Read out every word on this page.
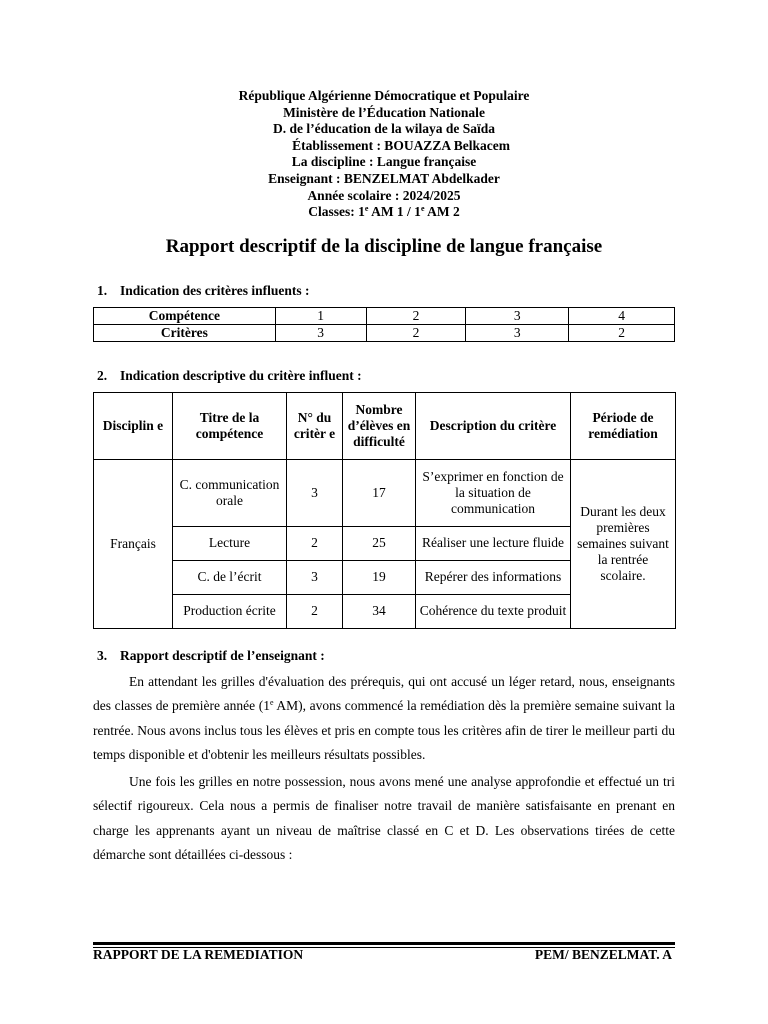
République Algérienne Démocratique et Populaire
Ministère de l’Éducation Nationale
D. de l’éducation de la wilaya de Saïda
Établissement : BOUAZZA Belkacem
La discipline : Langue française
Enseignant : BENZELMAT Abdelkader
Année scolaire : 2024/2025
Classes: 1e AM 1 / 1e AM 2
Rapport descriptif de la discipline de langue française
1. Indication des critères influents :
Compétence	1	2	3	4
Critères	3	2	3	2
2. Indication descriptive du critère influent :
Disciplin e	Titre de la compétence	N° du critèr e	Nombre d’élèves en difficulté	Description du critère	Période de remédiation
Français	C. communication orale	3	17	S’exprimer en fonction de la situation de communication	Durant les deux premières semaines suivant la rentrée scolaire.
	Lecture	2	25	Réaliser une lecture fluide	
	C. de l’écrit	3	19	Repérer des informations	
	Production écrite	2	34	Cohérence du texte produit	
3. Rapport descriptif de l’enseignant :

En attendant les grilles d'évaluation des prérequis, qui ont accusé un léger retard, nous, enseignants des classes de première année (1e AM), avons commencé la remédiation dès la première semaine suivant la rentrée. Nous avons inclus tous les élèves et pris en compte tous les critères afin de tirer le meilleur parti du temps disponible et d'obtenir les meilleurs résultats possibles.

Une fois les grilles en notre possession, nous avons mené une analyse approfondie et effectué un tri sélectif rigoureux. Cela nous a permis de finaliser notre travail de manière satisfaisante en prenant en charge les apprenants ayant un niveau de maîtrise classé en C et D. Les observations tirées de cette démarche sont détaillées ci-dessous :

RAPPORT DE LA REMEDIATION	PEM/ BENZELMAT. A
